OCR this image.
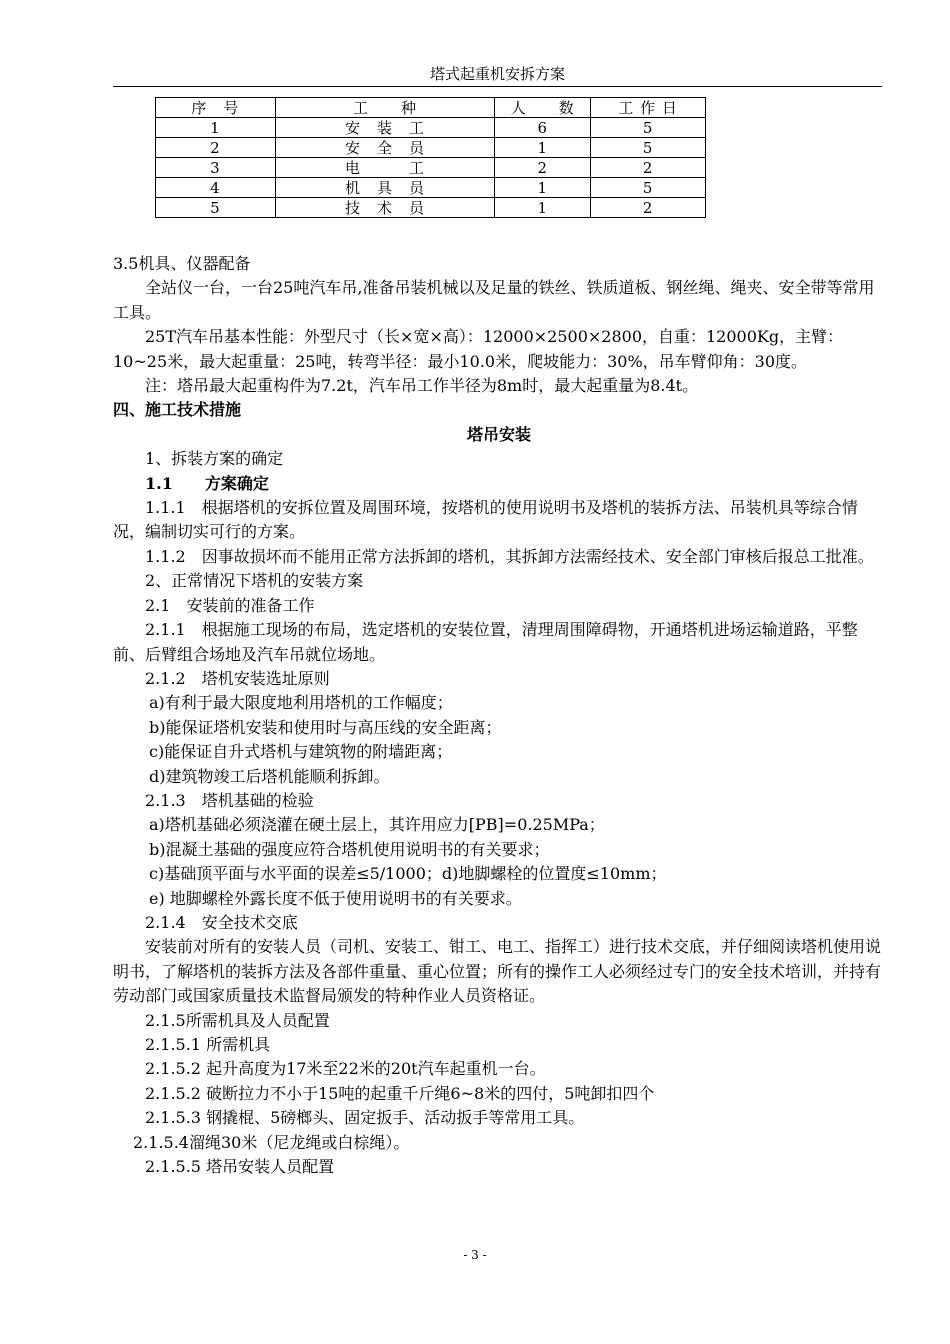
塔式起重机安拆方案
序　号	工　　种	人　　数	工 作 日
1	安　装　工	6	5
2	安　全　员	1	5
3	电　　　工	2	2
4	机　具　员	1	5
5	技　术　员	1	2

3.5机具、仪器配备

全站仪一台，一台25吨汽车吊,准备吊装机械以及足量的铁丝、铁质道板、钢丝绳、绳夹、安全带等常用工具。

25T汽车吊基本性能：外型尺寸（长×宽×高）：12000×2500×2800，自重：12000Kg，主臂：10~25米，最大起重量：25吨，转弯半径：最小10.0米，爬坡能力：30%，吊车臂仰角：30度。

注：塔吊最大起重构件为7.2t，汽车吊工作半径为8m时，最大起重量为8.4t。

四、施工技术措施

塔吊安装

1、拆装方案的确定

1.1　　方案确定

1.1.1　根据塔机的安拆位置及周围环境，按塔机的使用说明书及塔机的装拆方法、吊装机具等综合情况，编制切实可行的方案。

1.1.2　因事故损坏而不能用正常方法拆卸的塔机，其拆卸方法需经技术、安全部门审核后报总工批准。

2、正常情况下塔机的安装方案

2.1　安装前的准备工作

2.1.1　根据施工现场的布局，选定塔机的安装位置，清理周围障碍物，开通塔机进场运输道路，平整前、后臂组合场地及汽车吊就位场地。

2.1.2　塔机安装选址原则

a)有利于最大限度地利用塔机的工作幅度；

b)能保证塔机安装和使用时与高压线的安全距离；

c)能保证自升式塔机与建筑物的附墙距离；

d)建筑物竣工后塔机能顺利拆卸。

2.1.3　塔机基础的检验

a)塔机基础必须浇灌在硬土层上，其许用应力[PB]=0.25MPa；

b)混凝土基础的强度应符合塔机使用说明书的有关要求；

c)基础顶平面与水平面的误差≤5/1000；d)地脚螺栓的位置度≤10mm；

e) 地脚螺栓外露长度不低于使用说明书的有关要求。

2.1.4　安全技术交底

安装前对所有的安装人员（司机、安装工、钳工、电工、指挥工）进行技术交底，并仔细阅读塔机使用说明书，了解塔机的装拆方法及各部件重量、重心位置；所有的操作工人必须经过专门的安全技术培训，并持有劳动部门或国家质量技术监督局颁发的特种作业人员资格证。

2.1.5所需机具及人员配置

2.1.5.1 所需机具

2.1.5.2 起升高度为17米至22米的20t汽车起重机一台。

2.1.5.2 破断拉力不小于15吨的起重千斤绳6~8米的四付，5吨卸扣四个

2.1.5.3 钢撬棍、5磅榔头、固定扳手、活动扳手等常用工具。

2.1.5.4溜绳30米（尼龙绳或白棕绳）。

2.1.5.5 塔吊安装人员配置

- 3 -
